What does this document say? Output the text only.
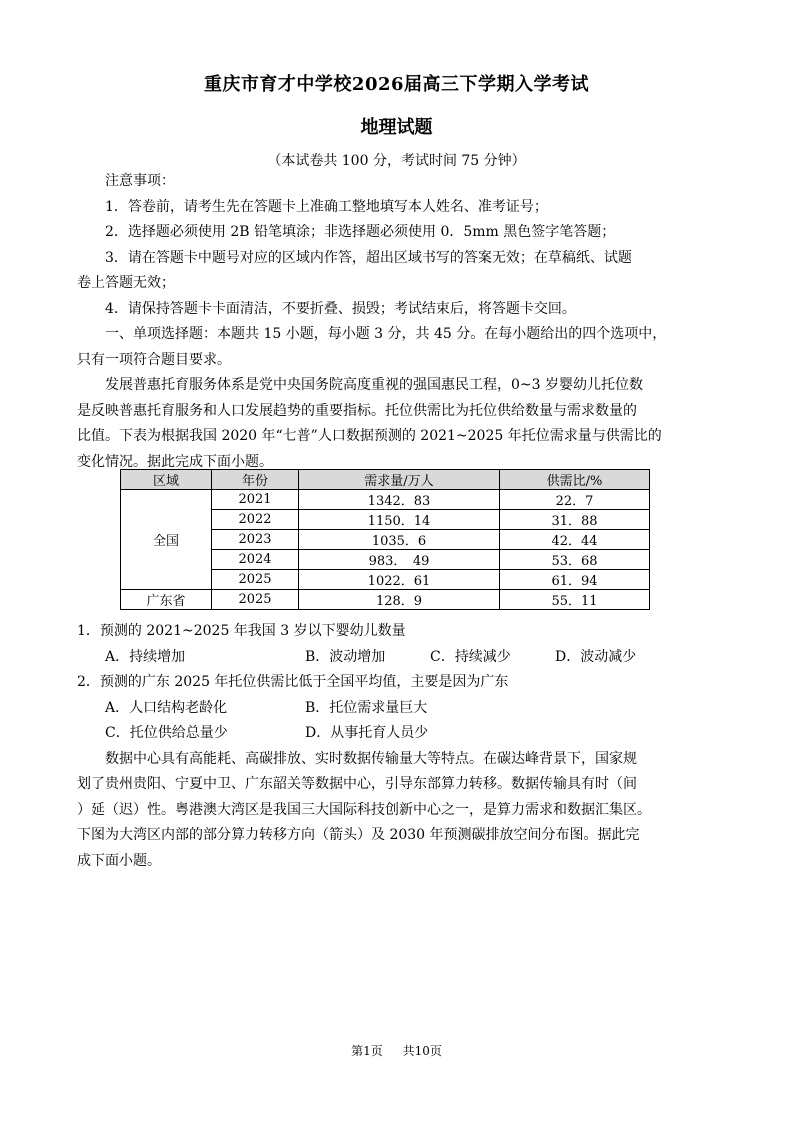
重庆市育才中学校2026届高三下学期入学考试
地理试题
（本试卷共 100 分，考试时间 75 分钟）
注意事项：
1．答卷前，请考生先在答题卡上准确工整地填写本人姓名、准考证号；
2．选择题必须使用 2B 铅笔填涂；非选择题必须使用 0．5mm 黑色签字笔答题；
3．请在答题卡中题号对应的区域内作答，超出区域书写的答案无效；在草稿纸、试题
卷上答题无效；
4．请保持答题卡卡面清洁，不要折叠、损毁；考试结束后，将答题卡交回。
一、单项选择题：本题共 15 小题，每小题 3 分，共 45 分。在每小题给出的四个选项中，
只有一项符合题目要求。
发展普惠托育服务体系是党中央国务院高度重视的强国惠民工程，0~3 岁婴幼儿托位数
是反映普惠托育服务和人口发展趋势的重要指标。托位供需比为托位供给数量与需求数量的
比值。下表为根据我国 2020 年“七普”人口数据预测的 2021~2025 年托位需求量与供需比的
变化情况。据此完成下面小题。
区域	年份	需求量/万人	供需比/%
全国	2021	1342．83	22．7
	2022	1150．14	31．88
	2023	1035．6	42．44
	2024	983．　49	53．68
	2025	1022．61	61．94
广东省	2025	128．9	55．11
1．预测的 2021~2025 年我国 3 岁以下婴幼儿数量
A．持续增加	B．波动增加	C．持续减少	D．波动减少
2．预测的广东 2025 年托位供需比低于全国平均值，主要是因为广东
A．人口结构老龄化	B．托位需求量巨大
C．托位供给总量少	D．从事托育人员少
数据中心具有高能耗、高碳排放、实时数据传输量大等特点。在碳达峰背景下，国家规
划了贵州贵阳、宁夏中卫、广东韶关等数据中心，引导东部算力转移。数据传输具有时（间
）延（迟）性。粤港澳大湾区是我国三大国际科技创新中心之一，是算力需求和数据汇集区。
下图为大湾区内部的部分算力转移方向（箭头）及 2030 年预测碳排放空间分布图。据此完
成下面小题。
第1页 共10页
